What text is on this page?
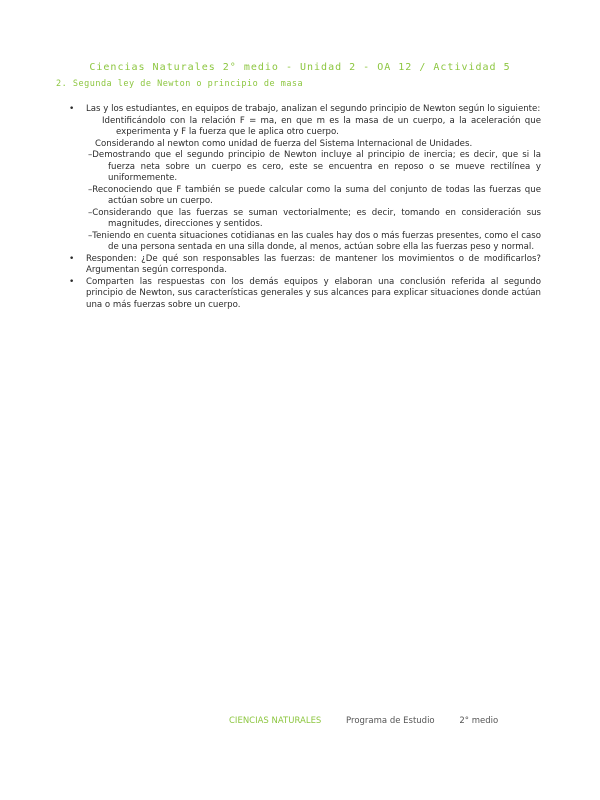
Ciencias Naturales 2° medio - Unidad 2 - OA 12 / Actividad 5
2. Segunda ley de Newton o principio de masa
• Las y los estudiantes, en equipos de trabajo, analizan el segundo principio de Newton según lo siguiente:
Identificándolo con la relación F = ma, en que m es la masa de un cuerpo, a la aceleración que experimenta y F la fuerza que le aplica otro cuerpo.
Considerando al newton como unidad de fuerza del Sistema Internacional de Unidades.
–Demostrando que el segundo principio de Newton incluye al principio de inercia; es decir, que si la fuerza neta sobre un cuerpo es cero, este se encuentra en reposo o se mueve rectilínea y uniformemente.
–Reconociendo que F también se puede calcular como la suma del conjunto de todas las fuerzas que actúan sobre un cuerpo.
–Considerando que las fuerzas se suman vectorialmente; es decir, tomando en consideración sus magnitudes, direcciones y sentidos.
–Teniendo en cuenta situaciones cotidianas en las cuales hay dos o más fuerzas presentes, como el caso de una persona sentada en una silla donde, al menos, actúan sobre ella las fuerzas peso y normal.
• Responden: ¿De qué son responsables las fuerzas: de mantener los movimientos o de modificarlos? Argumentan según corresponda.
• Comparten las respuestas con los demás equipos y elaboran una conclusión referida al segundo principio de Newton, sus características generales y sus alcances para explicar situaciones donde actúan una o más fuerzas sobre un cuerpo.
CIENCIAS NATURALES	Programa de Estudio	2° medio
